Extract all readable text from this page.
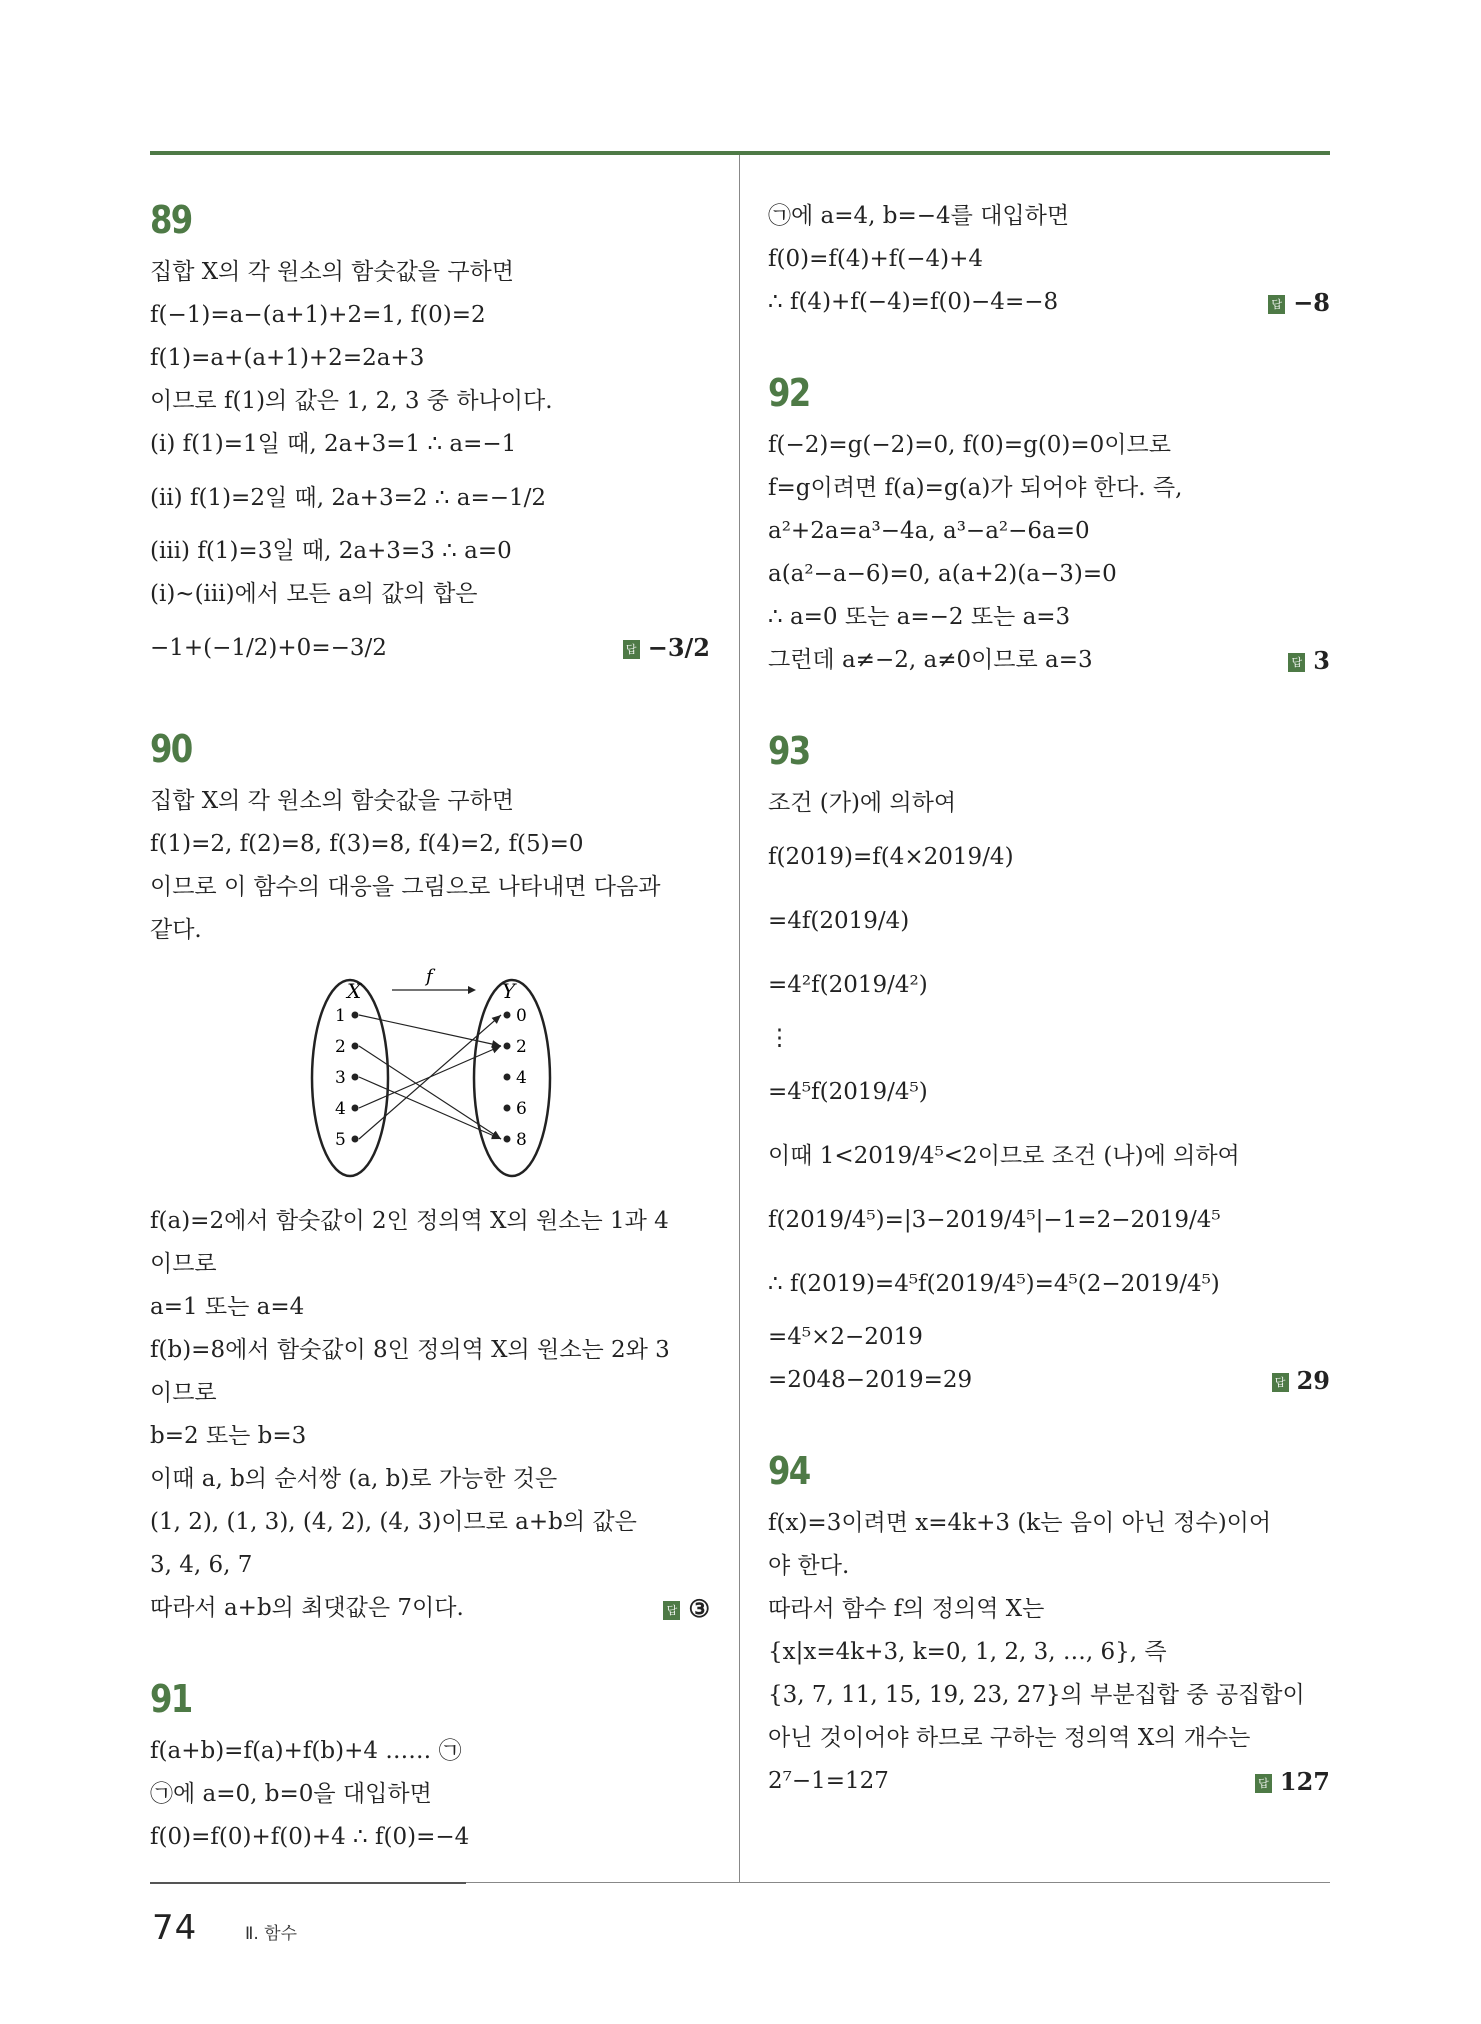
89
집합 X의 각 원소의 함숫값을 구하면
f(−1)=a−(a+1)+2=1, f(0)=2
f(1)=a+(a+1)+2=2a+3
이므로 f(1)의 값은 1, 2, 3 중 하나이다.
(ⅰ) f(1)=1일 때, 2a+3=1 ∴ a=−1
(ⅱ) f(1)=2일 때, 2a+3=2 ∴ a=−1/2
(ⅲ) f(1)=3일 때, 2a+3=3 ∴ a=0
(ⅰ)~(ⅲ)에서 모든 a의 값의 합은
−1+(−1/2)+0=−3/2	답 −3/2
90
집합 X의 각 원소의 함숫값을 구하면
f(1)=2, f(2)=8, f(3)=8, f(4)=2, f(5)=0
이므로 이 함수의 대응을 그림으로 나타내면 다음과
같다.
f
X	Y
1
2
3
4
5
0
2
4
6
8
f(a)=2에서 함숫값이 2인 정의역 X의 원소는 1과 4
이므로
a=1 또는 a=4
f(b)=8에서 함숫값이 8인 정의역 X의 원소는 2와 3
이므로
b=2 또는 b=3
이때 a, b의 순서쌍 (a, b)로 가능한 것은
(1, 2), (1, 3), (4, 2), (4, 3)이므로 a+b의 값은
3, 4, 6, 7
따라서 a+b의 최댓값은 7이다.	답 ③
91
f(a+b)=f(a)+f(b)+4 …… ㉠
㉠에 a=0, b=0을 대입하면
f(0)=f(0)+f(0)+4 ∴ f(0)=−4
㉠에 a=4, b=−4를 대입하면
f(0)=f(4)+f(−4)+4
∴ f(4)+f(−4)=f(0)−4=−8	답 −8
92
f(−2)=g(−2)=0, f(0)=g(0)=0이므로
f=g이려면 f(a)=g(a)가 되어야 한다. 즉,
a²+2a=a³−4a, a³−a²−6a=0
a(a²−a−6)=0, a(a+2)(a−3)=0
∴ a=0 또는 a=−2 또는 a=3
그런데 a≠−2, a≠0이므로 a=3	답 3
93
조건 (가)에 의하여
f(2019)=f(4×2019/4)
=4f(2019/4)
=4²f(2019/4²)
⋮
=4⁵f(2019/4⁵)
이때 1<2019/4⁵<2이므로 조건 (나)에 의하여
f(2019/4⁵)=|3−2019/4⁵|−1=2−2019/4⁵
∴ f(2019)=4⁵f(2019/4⁵)=4⁵(2−2019/4⁵)
=4⁵×2−2019
=2048−2019=29	답 29
94
f(x)=3이려면 x=4k+3 (k는 음이 아닌 정수)이어
야 한다.
따라서 함수 f의 정의역 X는
{x|x=4k+3, k=0, 1, 2, 3, …, 6}, 즉
{3, 7, 11, 15, 19, 23, 27}의 부분집합 중 공집합이
아닌 것이어야 하므로 구하는 정의역 X의 개수는
2⁷−1=127	답 127
74	Ⅱ. 함수
